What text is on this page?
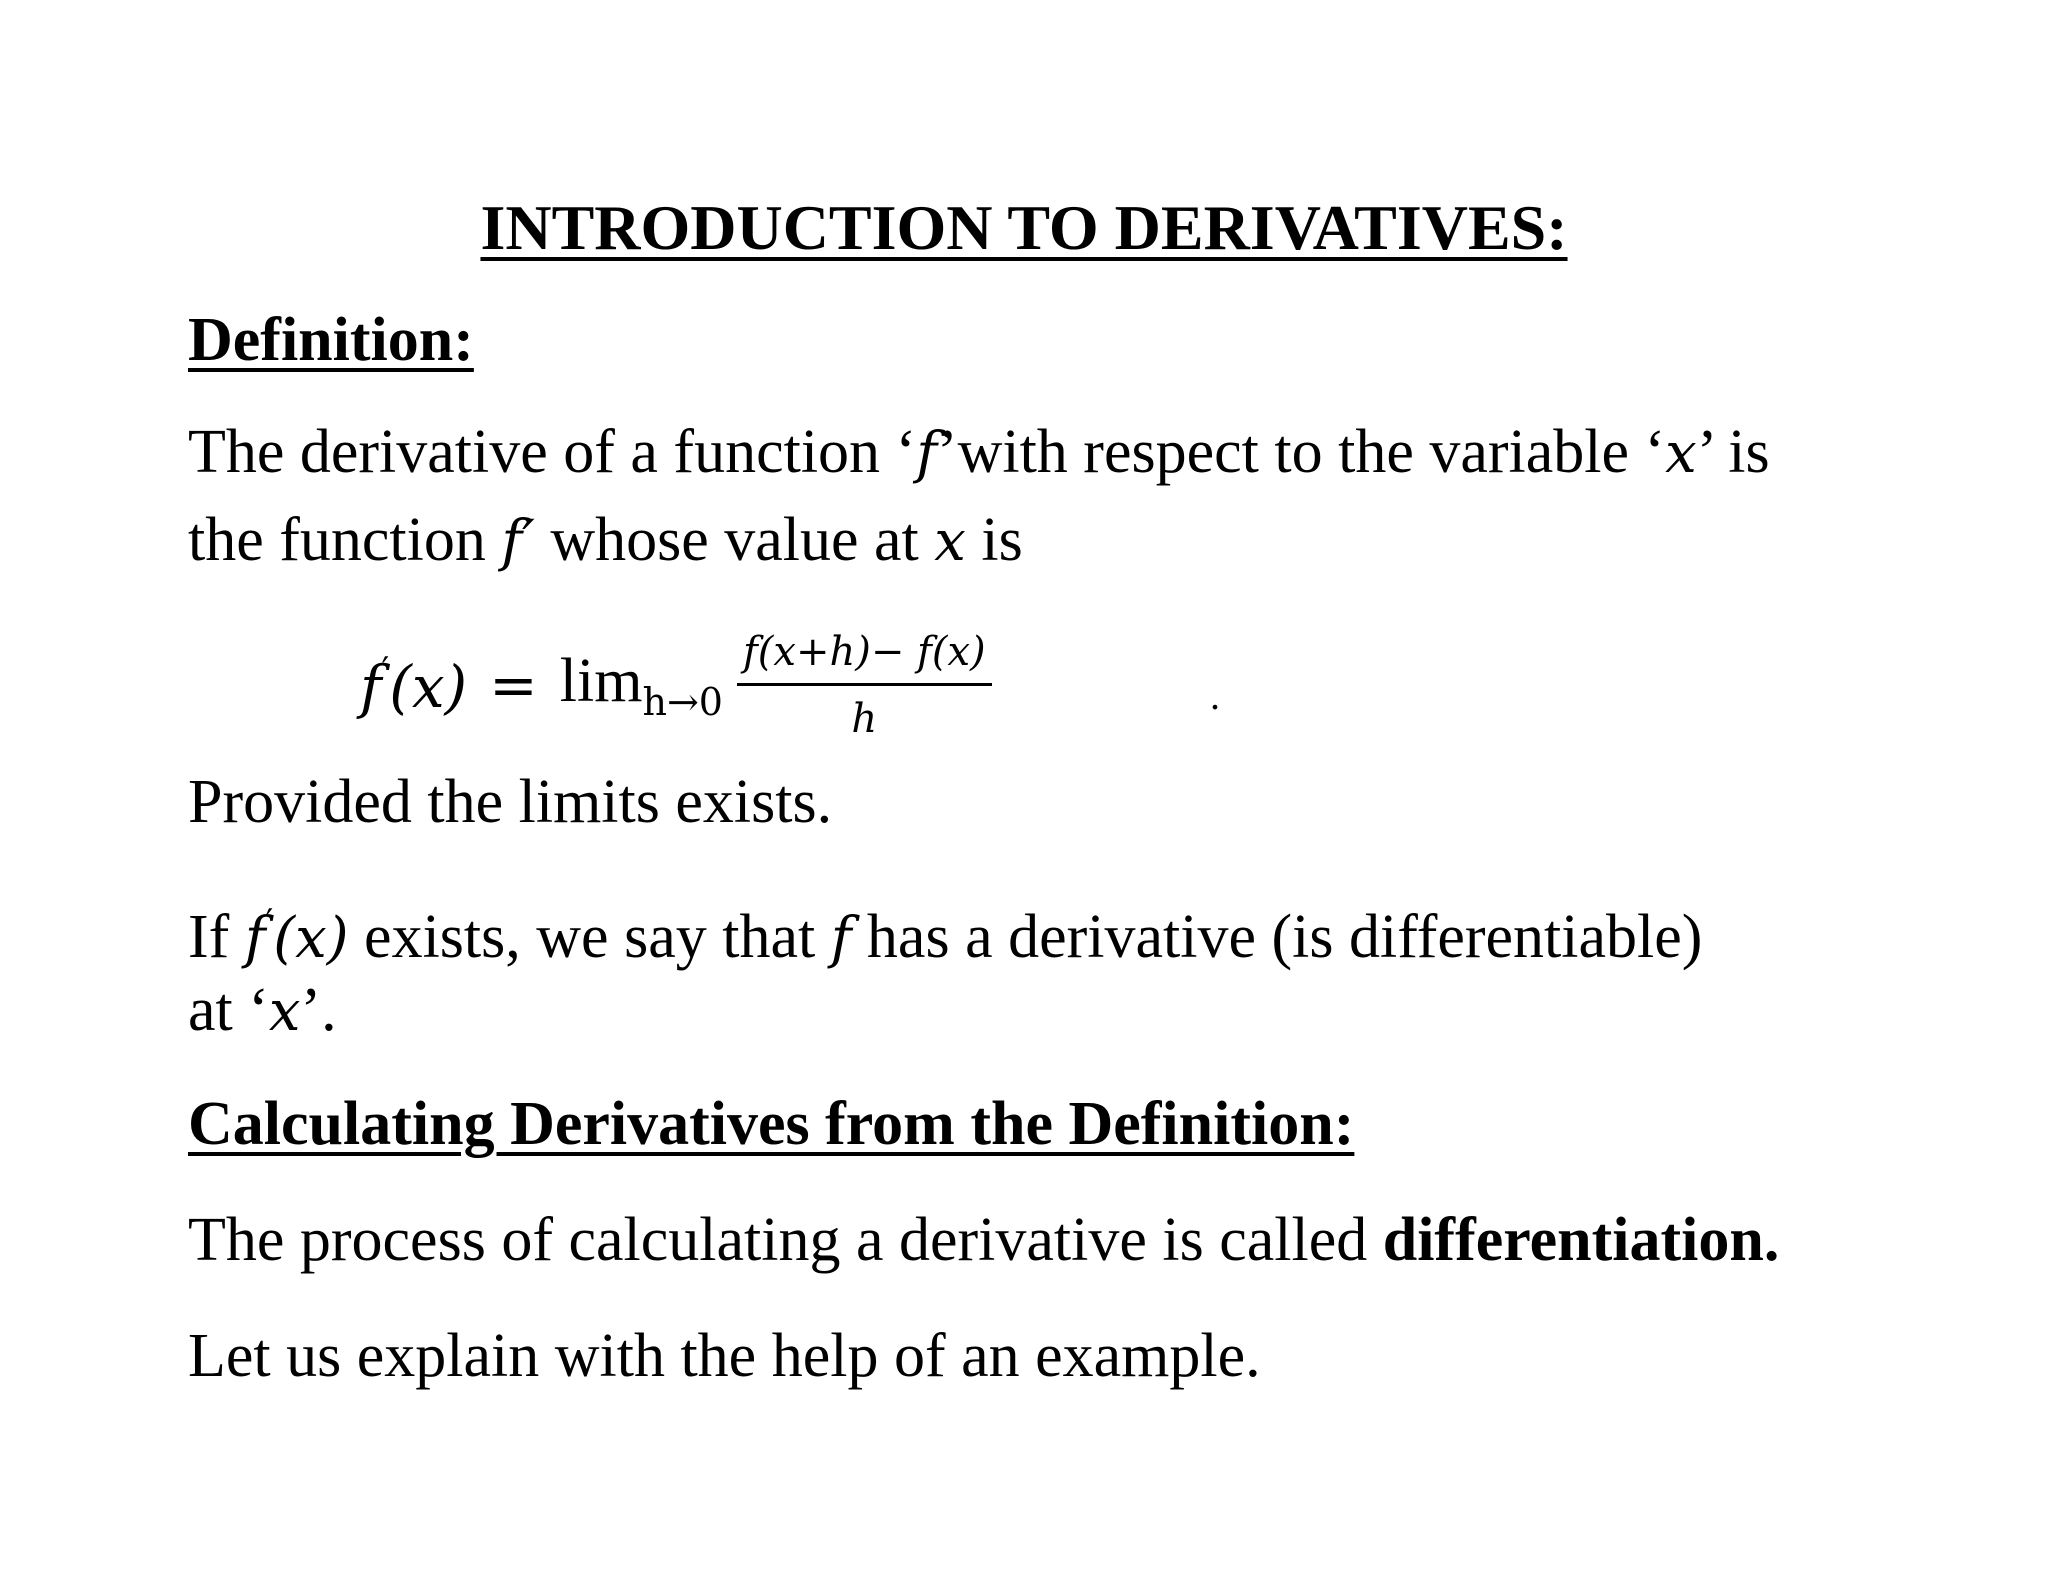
INTRODUCTION TO DERIVATIVES:
Definition:
The derivative of a function ‘f’with respect to the variable ‘x’ is
the function f′ whose value at x is
$f'(x) = \lim_{h\to 0} \frac{f(x+h)- f(x)}{h}$	.
Provided the limits exists.
If f′(x) exists, we say that f has a derivative (is differentiable)
at ‘x’.
Calculating Derivatives from the Definition:
The process of calculating a derivative is called differentiation.
Let us explain with the help of an example.
